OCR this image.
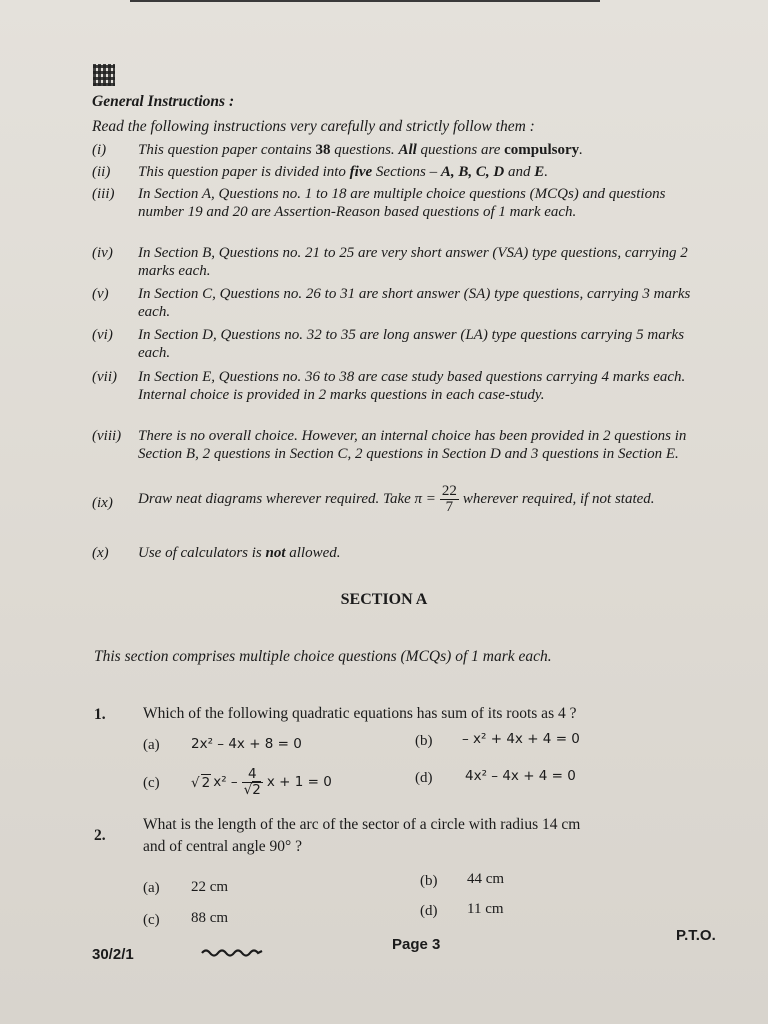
General Instructions :
Read the following instructions very carefully and strictly follow them :
(i)	This question paper contains 38 questions. All questions are compulsory.
(ii)	This question paper is divided into five Sections – A, B, C, D and E.
(iii)	In Section A, Questions no. 1 to 18 are multiple choice questions (MCQs) and questions number 19 and 20 are Assertion-Reason based questions of 1 mark each.
(iv)	In Section B, Questions no. 21 to 25 are very short answer (VSA) type questions, carrying 2 marks each.
(v)	In Section C, Questions no. 26 to 31 are short answer (SA) type questions, carrying 3 marks each.
(vi)	In Section D, Questions no. 32 to 35 are long answer (LA) type questions carrying 5 marks each.
(vii)	In Section E, Questions no. 36 to 38 are case study based questions carrying 4 marks each. Internal choice is provided in 2 marks questions in each case-study.
(viii)	There is no overall choice. However, an internal choice has been provided in 2 questions in Section B, 2 questions in Section C, 2 questions in Section D and 3 questions in Section E.
(ix)	Draw neat diagrams wherever required. Take $\pi = \frac{22}{7}$ wherever required, if not stated.
(x)	Use of calculators is not allowed.
SECTION A
This section comprises multiple choice questions (MCQs) of 1 mark each.
1. Which of the following quadratic equations has sum of its roots as 4 ?
(a) 2x² – 4x + 8 = 0	(b) – x² + 4x + 4 = 0
(c) √ 2 $x^2 - \frac{4}{√2}$ x + 1 = 0	(d) 4x² – 4x + 4 = 0
2.
What is the length of the arc of the sector of a circle with radius 14 cm
and of central angle 90° ?
(a) 22 cm	(b) 44 cm
(c) 88 cm	(d) 11 cm
30/2/1
Page 3
P.T.O.
